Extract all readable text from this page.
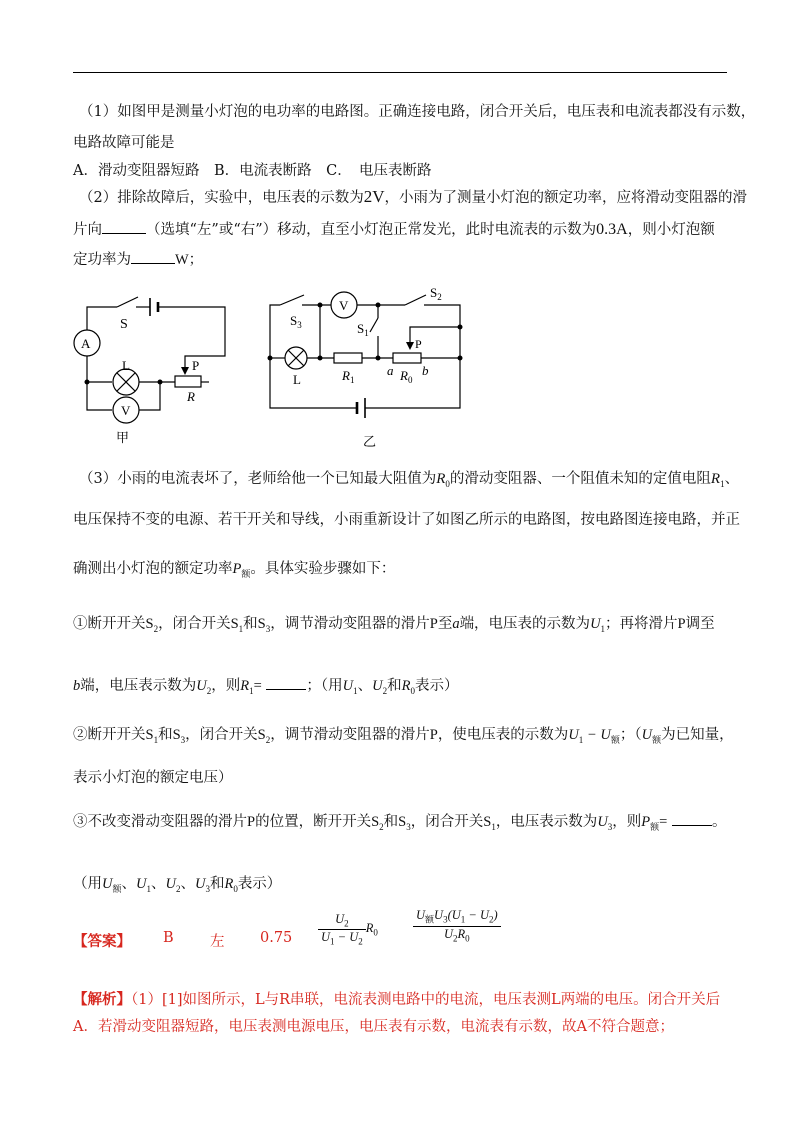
（1）如图甲是测量小灯泡的电功率的电路图。正确连接电路，闭合开关后，电压表和电流表都没有示数，
电路故障可能是
A．滑动变阻器短路　B．电流表断路　C．　电压表断路
（2）排除故障后，实验中，电压表的示数为2V，小雨为了测量小灯泡的额定功率，应将滑动变阻器的滑
片向	（选填“左”或“右”）移动，直至小灯泡正常发光，此时电流表的示数为0.3A，则小灯泡额
定功率为	W；
A
S
L	P
R
V
甲
V
$S_3$
$S_2$
$S_1$
P
L	$R_1$
a $R_0$
b
乙
（3）小雨的电流表坏了，老师给他一个已知最大阻值为$R_0$的滑动变阻器、一个阻值未知的定值电阻$R_1$、
电压保持不变的电源、若干开关和导线，小雨重新设计了如图乙所示的电路图，按电路图连接电路，并正
确测出小灯泡的额定功率$P_额$。具体实验步骤如下：
①断开开关$S_2$，闭合开关$S_1$和$S_3$，调节滑动变阻器的滑片P至a端，电压表的示数为$U_1$；再将滑片P调至
b端，电压表示数为$U_2$，则$R_1=$	；（用$U_1$、$U_2$和$R_0$表示）
②断开开关$S_1$和$S_3$，闭合开关$S_2$，调节滑动变阻器的滑片P，使电压表的示数为$U_1 - U_额$；（$U_额$为已知量，
表示小灯泡的额定电压）
③不改变滑动变阻器的滑片P的位置，断开开关$S_2$和$S_3$，闭合开关$S_1$，电压表示数为$U_3$，则$P_额=$	。
（用$U_额$、$U_1$、$U_2$、$U_3$和$R_0$表示）
【答案】 B	左 $0.75 \frac{U_2}{U_1 - U_2} R_0$	$\frac{U_额U_3(U_1 - U_2)}{U_2R_0}$
【解析】（1）[1]如图所示，L与R串联，电流表测电路中的电流，电压表测L两端的电压。闭合开关后
A．若滑动变阻器短路，电压表测电源电压，电压表有示数，电流表有示数，故A不符合题意；
